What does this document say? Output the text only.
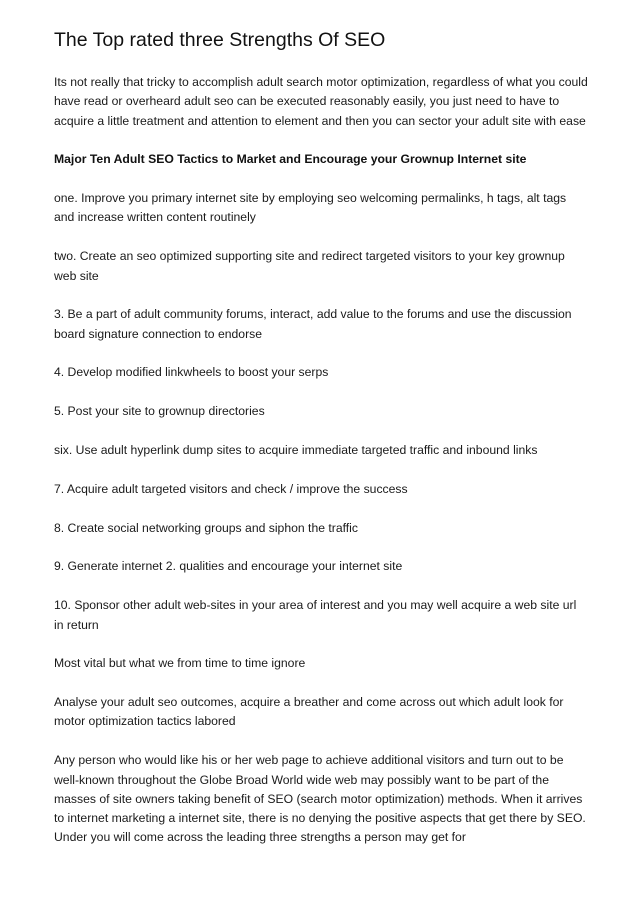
The Top rated three Strengths Of SEO

Its not really that tricky to accomplish adult search motor optimization, regardless of what you could have read or overheard adult seo can be executed reasonably easily, you just need to have to acquire a little treatment and attention to element and then you can sector your adult site with ease

Major Ten Adult SEO Tactics to Market and Encourage your Grownup Internet site

one. Improve you primary internet site by employing seo welcoming permalinks, h tags, alt tags and increase written content routinely

two. Create an seo optimized supporting site and redirect targeted visitors to your key grownup web site

3. Be a part of adult community forums, interact, add value to the forums and use the discussion board signature connection to endorse

4. Develop modified linkwheels to boost your serps

5. Post your site to grownup directories

six. Use adult hyperlink dump sites to acquire immediate targeted traffic and inbound links

7. Acquire adult targeted visitors and check / improve the success

8. Create social networking groups and siphon the traffic

9. Generate internet 2. qualities and encourage your internet site

10. Sponsor other adult web-sites in your area of interest and you may well acquire a web site url in return

Most vital but what we from time to time ignore

Analyse your adult seo outcomes, acquire a breather and come across out which adult look for motor optimization tactics labored

Any person who would like his or her web page to achieve additional visitors and turn out to be well-known throughout the Globe Broad World wide web may possibly want to be part of the masses of site owners taking benefit of SEO (search motor optimization) methods. When it arrives to internet marketing a internet site, there is no denying the positive aspects that get there by SEO. Under you will come across the leading three strengths a person may get for
